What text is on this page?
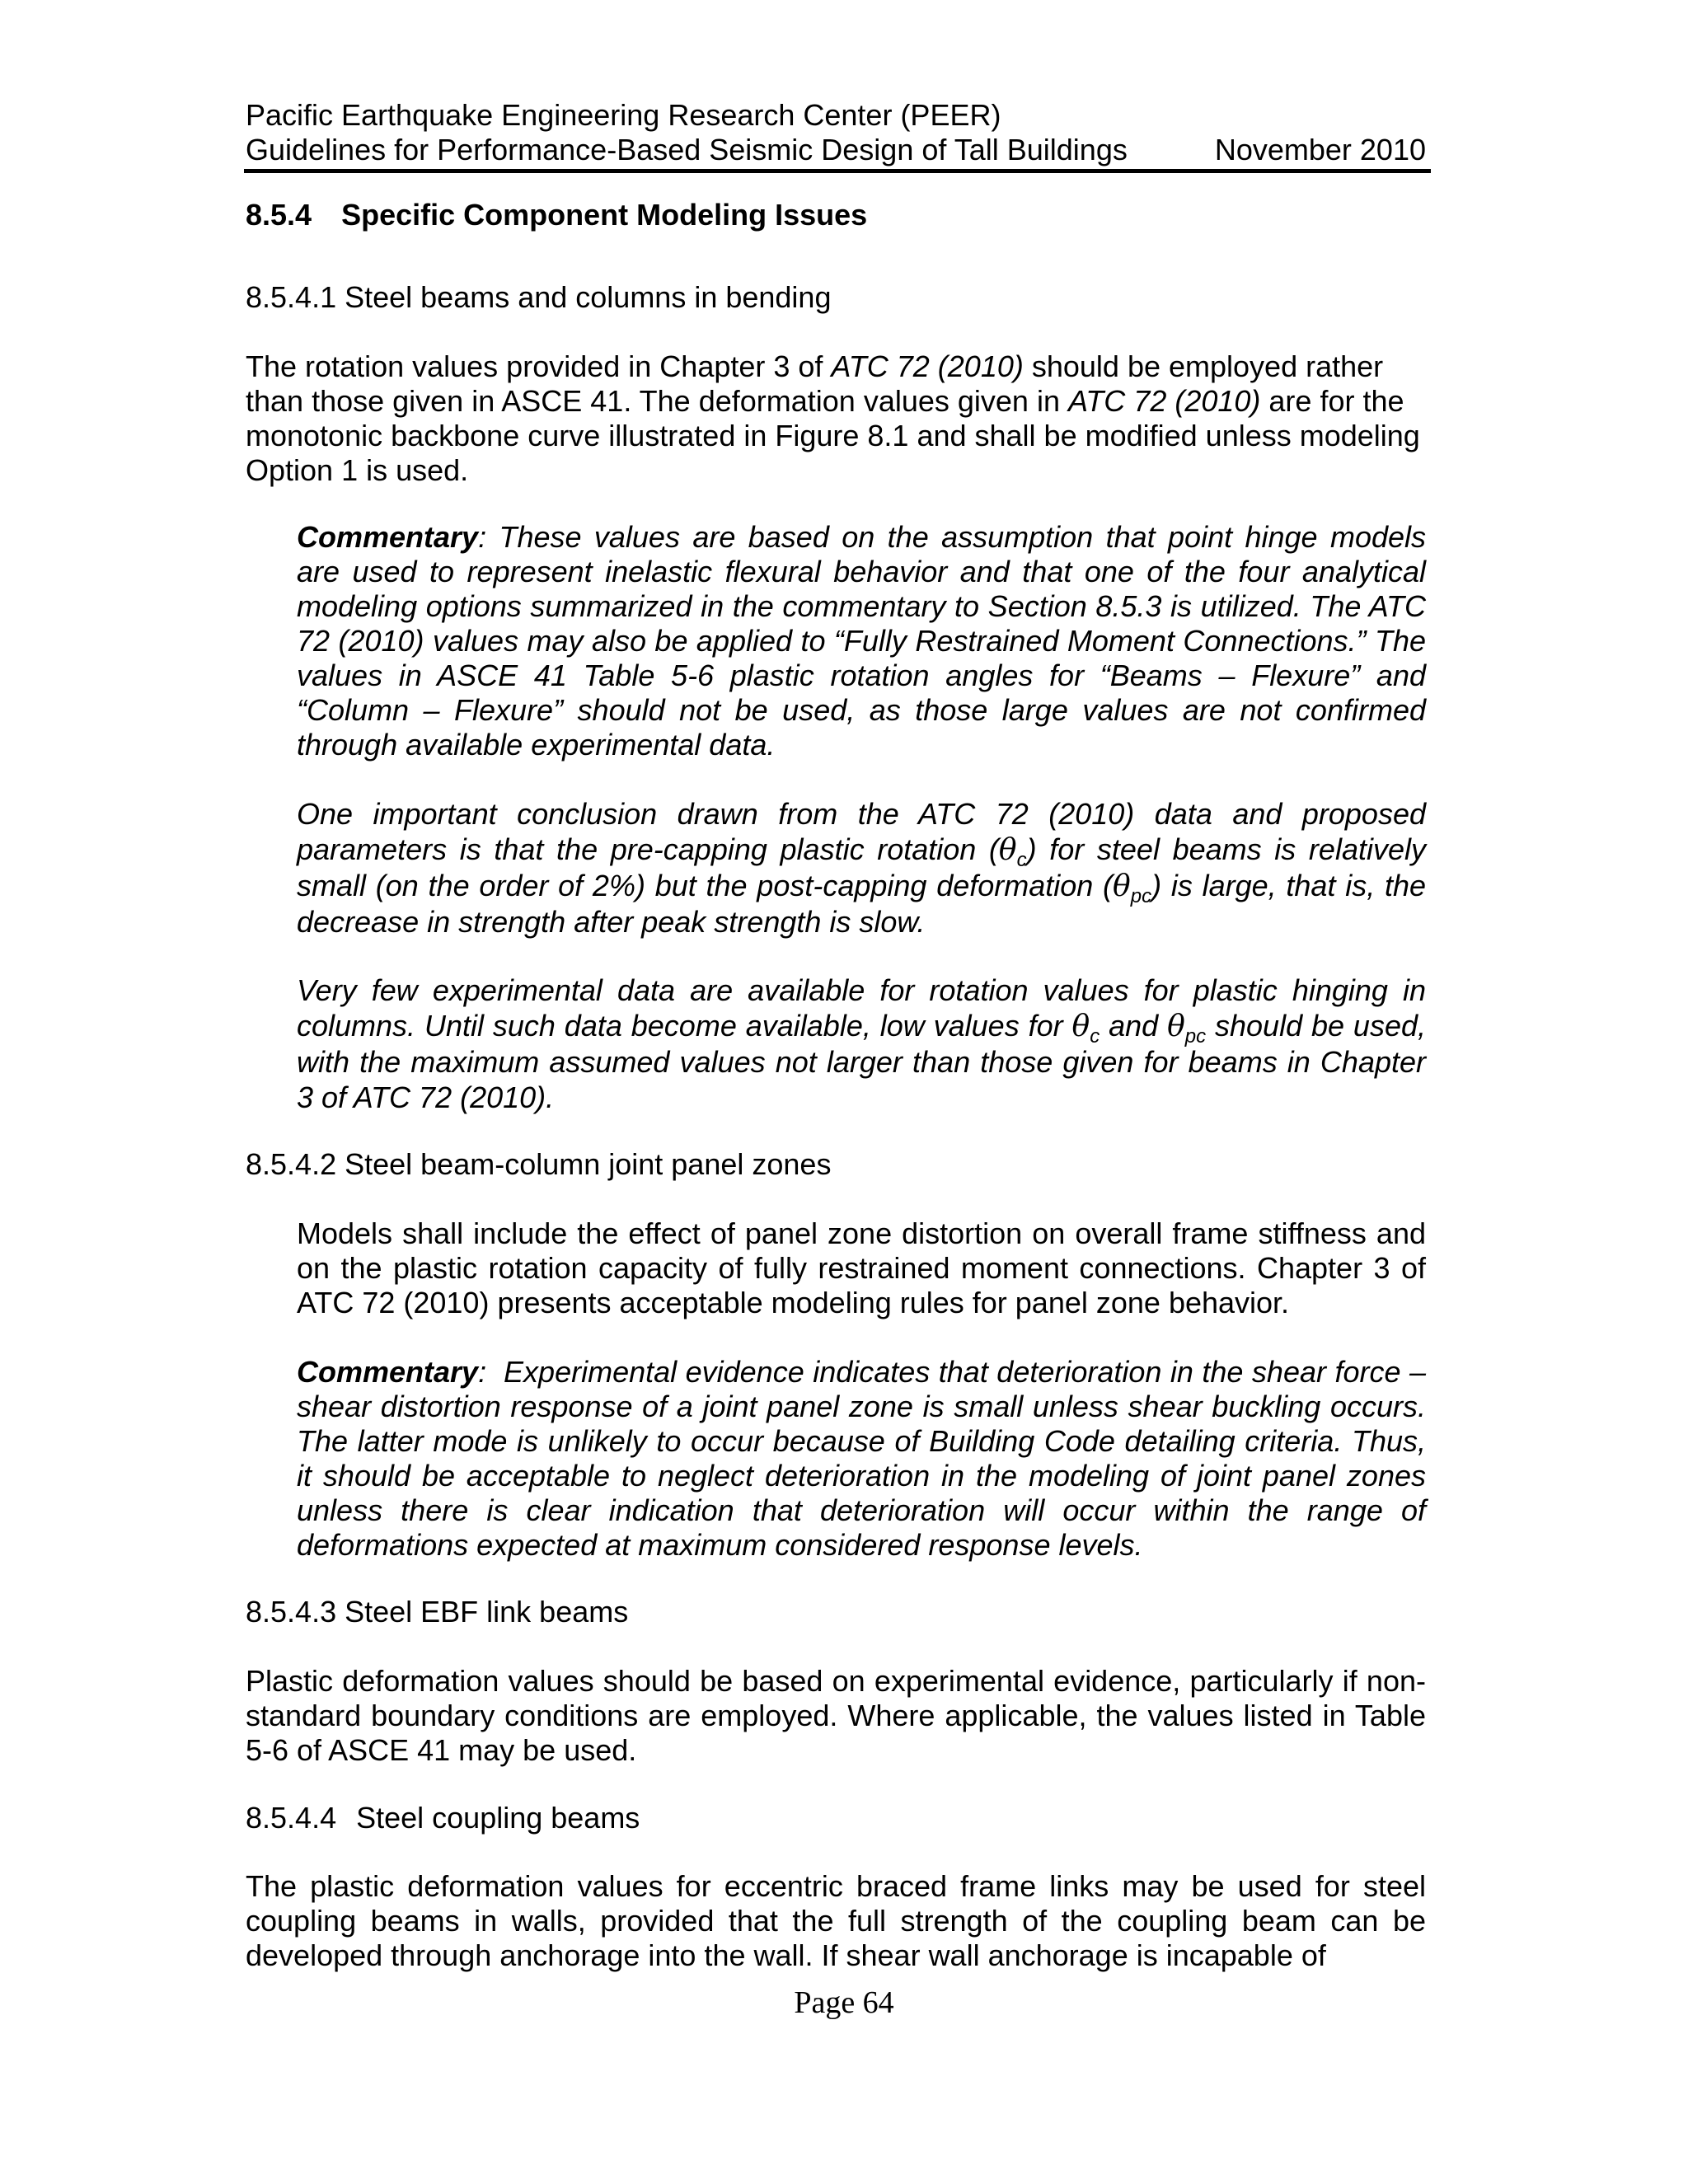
Pacific Earthquake Engineering Research Center (PEER)
Guidelines for Performance-Based Seismic Design of Tall Buildings	November 2010
8.5.4 Specific Component Modeling Issues
8.5.4.1 Steel beams and columns in bending
The rotation values provided in Chapter 3 of ATC 72 (2010) should be employed rather than those given in ASCE 41. The deformation values given in ATC 72 (2010) are for the monotonic backbone curve illustrated in Figure 8.1 and shall be modified unless modeling Option 1 is used.
Commentary: These values are based on the assumption that point hinge models are used to represent inelastic flexural behavior and that one of the four analytical modeling options summarized in the commentary to Section 8.5.3 is utilized. The ATC 72 (2010) values may also be applied to “Fully Restrained Moment Connections.” The values in ASCE 41 Table 5-6 plastic rotation angles for “Beams – Flexure” and “Column – Flexure” should not be used, as those large values are not confirmed through available experimental data.
One important conclusion drawn from the ATC 72 (2010) data and proposed parameters is that the pre-capping plastic rotation $(\theta_c)$ for steel beams is relatively small (on the order of 2%) but the post-capping deformation $(\theta_{pc})$ is large, that is, the decrease in strength after peak strength is slow.
Very few experimental data are available for rotation values for plastic hinging in columns. Until such data become available, low values for $\theta_c$ and $\theta_{pc}$ should be used, with the maximum assumed values not larger than those given for beams in Chapter 3 of ATC 72 (2010).
8.5.4.2 Steel beam-column joint panel zones
Models shall include the effect of panel zone distortion on overall frame stiffness and on the plastic rotation capacity of fully restrained moment connections. Chapter 3 of ATC 72 (2010) presents acceptable modeling rules for panel zone behavior.
Commentary: Experimental evidence indicates that deterioration in the shear force – shear distortion response of a joint panel zone is small unless shear buckling occurs. The latter mode is unlikely to occur because of Building Code detailing criteria. Thus, it should be acceptable to neglect deterioration in the modeling of joint panel zones unless there is clear indication that deterioration will occur within the range of deformations expected at maximum considered response levels.
8.5.4.3 Steel EBF link beams
Plastic deformation values should be based on experimental evidence, particularly if non-standard boundary conditions are employed. Where applicable, the values listed in Table 5-6 of ASCE 41 may be used.
8.5.4.4 Steel coupling beams
The plastic deformation values for eccentric braced frame links may be used for steel coupling beams in walls, provided that the full strength of the coupling beam can be developed through anchorage into the wall. If shear wall anchorage is incapable of
Page 64
